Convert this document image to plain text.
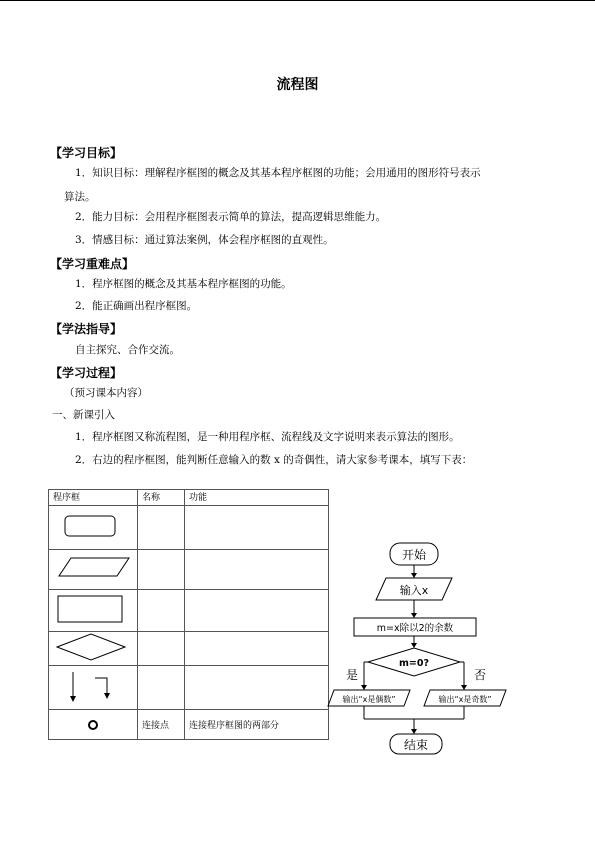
流程图
【学习目标】
1．知识目标：理解程序框图的概念及其基本程序框图的功能；会用通用的图形符号表示
算法。
2．能力目标：会用程序框图表示简单的算法，提高逻辑思维能力。
3．情感目标：通过算法案例，体会程序框图的直观性。
【学习重难点】
1．程序框图的概念及其基本程序框图的功能。
2．能正确画出程序框图。
【学法指导】
自主探究、合作交流。
【学习过程】
（预习课本内容）
一、新课引入
1．程序框图又称流程图，是一种用程序框、流程线及文字说明来表示算法的图形。
2．右边的程序框图，能判断任意输入的数 x 的奇偶性，请大家参考课本，填写下表：
程序框	名称	功能

	连接点	连接程序框图的两部分
开始
输入x
m=x除以2的余数
m=0?
是	否
输出“x是偶数”	输出“x是奇数”
结束
